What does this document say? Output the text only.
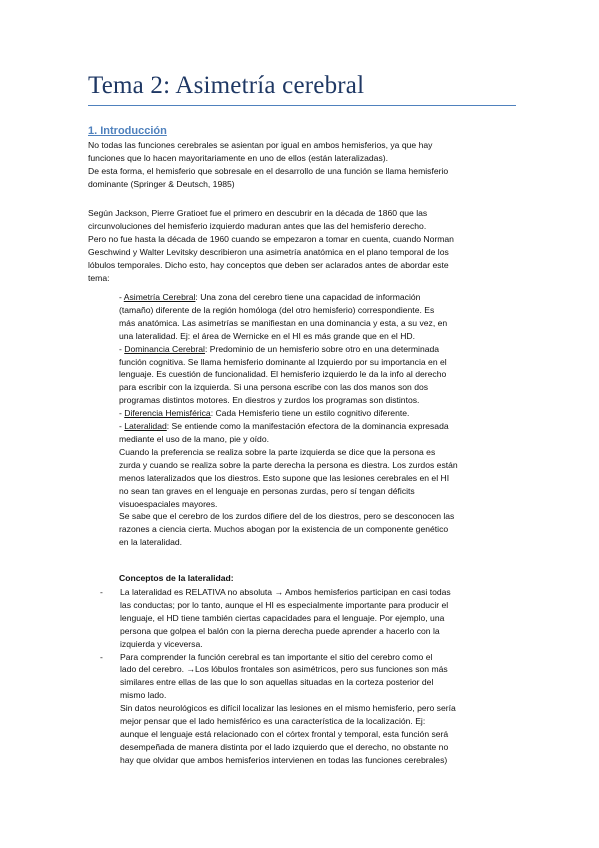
Tema 2: Asimetría cerebral
1. Introducción
No todas las funciones cerebrales se asientan por igual en ambos hemisferios, ya que hay
funciones que lo hacen mayoritariamente en uno de ellos (están lateralizadas).
De esta forma, el hemisferio que sobresale en el desarrollo de una función se llama hemisferio
dominante (Springer & Deutsch, 1985)
Según Jackson, Pierre Gratioet fue el primero en descubrir en la década de 1860 que las
circunvoluciones del hemisferio izquierdo maduran antes que las del hemisferio derecho.
Pero no fue hasta la década de 1960 cuando se empezaron a tomar en cuenta, cuando Norman
Geschwind y Walter Levitsky describieron una asimetría anatómica en el plano temporal de los
lóbulos temporales. Dicho esto, hay conceptos que deben ser aclarados antes de abordar este
tema:
- Asimetría Cerebral: Una zona del cerebro tiene una capacidad de información
(tamaño) diferente de la región homóloga (del otro hemisferio) correspondiente. Es
más anatómica. Las asimetrías se manifiestan en una dominancia y esta, a su vez, en
una lateralidad. Ej: el área de Wernicke en el HI es más grande que en el HD.
- Dominancia Cerebral: Predominio de un hemisferio sobre otro en una determinada
función cognitiva. Se llama hemisferio dominante al Izquierdo por su importancia en el
lenguaje. Es cuestión de funcionalidad. El hemisferio izquierdo le da la info al derecho
para escribir con la izquierda. Si una persona escribe con las dos manos son dos
programas distintos motores. En diestros y zurdos los programas son distintos.
- Diferencia Hemisférica: Cada Hemisferio tiene un estilo cognitivo diferente.
- Lateralidad: Se entiende como la manifestación efectora de la dominancia expresada
mediante el uso de la mano, pie y oído.
Cuando la preferencia se realiza sobre la parte izquierda se dice que la persona es
zurda y cuando se realiza sobre la parte derecha la persona es diestra. Los zurdos están
menos lateralizados que los diestros. Esto supone que las lesiones cerebrales en el HI
no sean tan graves en el lenguaje en personas zurdas, pero sí tengan déficits
visuoespaciales mayores.
Se sabe que el cerebro de los zurdos difiere del de los diestros, pero se desconocen las
razones a ciencia cierta. Muchos abogan por la existencia de un componente genético
en la lateralidad.
Conceptos de la lateralidad:
- La lateralidad es RELATIVA no absoluta → Ambos hemisferios participan en casi todas
las conductas; por lo tanto, aunque el HI es especialmente importante para producir el
lenguaje, el HD tiene también ciertas capacidades para el lenguaje. Por ejemplo, una
persona que golpea el balón con la pierna derecha puede aprender a hacerlo con la
izquierda y viceversa.
- Para comprender la función cerebral es tan importante el sitio del cerebro como el
lado del cerebro. →Los lóbulos frontales son asimétricos, pero sus funciones son más
similares entre ellas de las que lo son aquellas situadas en la corteza posterior del
mismo lado.
Sin datos neurológicos es difícil localizar las lesiones en el mismo hemisferio, pero sería
mejor pensar que el lado hemisférico es una característica de la localización. Ej:
aunque el lenguaje está relacionado con el córtex frontal y temporal, esta función será
desempeñada de manera distinta por el lado izquierdo que el derecho, no obstante no
hay que olvidar que ambos hemisferios intervienen en todas las funciones cerebrales)
